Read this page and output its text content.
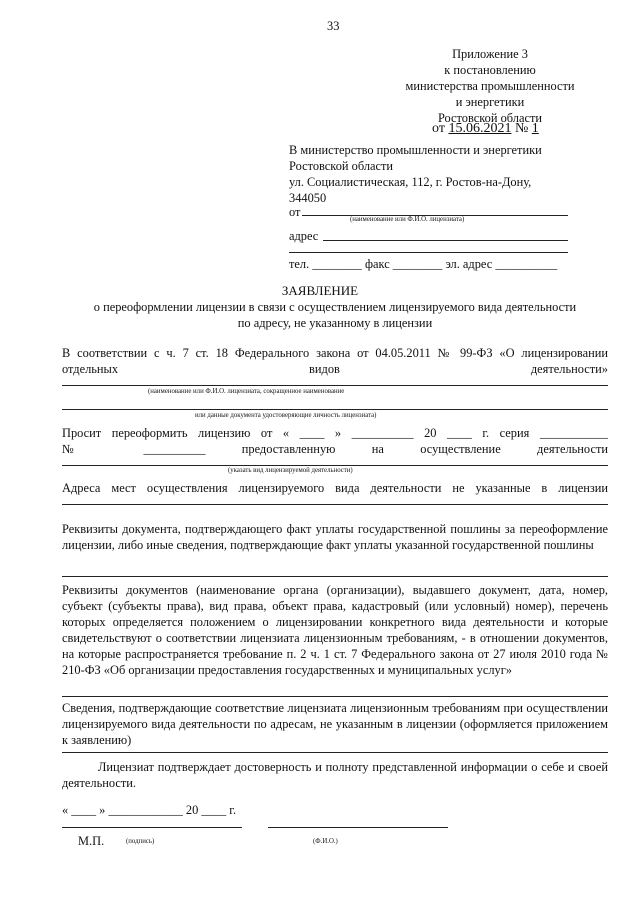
33
Приложение 3
к постановлению
министерства промышленности
и энергетики
Ростовской области
от 15.06.2021 № 1
В министерство промышленности и энергетики
Ростовской области
ул. Социалистическая, 112, г. Ростов-на-Дону,
344050
от
(наименование или Ф.И.О. лицензиата)
адрес
тел. ________ факс ________ эл. адрес __________
ЗАЯВЛЕНИЕ
о переоформлении лицензии в связи с осуществлением лицензируемого вида деятельности
по адресу, не указанному в лицензии
В соответствии с ч. 7 ст. 18 Федерального закона от 04.05.2011 № 99-ФЗ «О лицензировании
отдельных видов деятельности»
(наименование или Ф.И.О. лицензиата, сокращенное наименование
или данные документа удостоверяющие личность лицензиата)
Просит переоформить лицензию от « ____ » __________ 20 ____ г. серия ___________
№ __________ предоставленную на осуществление деятельности
(указать вид лицензируемой деятельности)
Адреса мест осуществления лицензируемого вида деятельности не указанные в лицензии
Реквизиты документа, подтверждающего факт уплаты государственной пошлины за переоформление лицензии, либо иные сведения, подтверждающие факт уплаты указанной государственной пошлины
Реквизиты документов (наименование органа (организации), выдавшего документ, дата, номер, субъект (субъекты права), вид права, объект права, кадастровый (или условный) номер), перечень которых определяется положением о лицензировании конкретного вида деятельности и которые свидетельствуют о соответствии лицензиата лицензионным требованиям, - в отношении документов, на которые распространяется требование п. 2 ч. 1 ст. 7 Федерального закона от 27 июля 2010 года № 210-ФЗ «Об организации предоставления государственных и муниципальных услуг»
Сведения, подтверждающие соответствие лицензиата лицензионным требованиям при осуществлении лицензируемого вида деятельности по адресам, не указанным в лицензии (оформляется приложением к заявлению)
Лицензиат подтверждает достоверность и полноту представленной информации о себе и своей деятельности.
« ____ » ____________ 20 ____ г.
М.П.	(подпись)	(Ф.И.О.)
